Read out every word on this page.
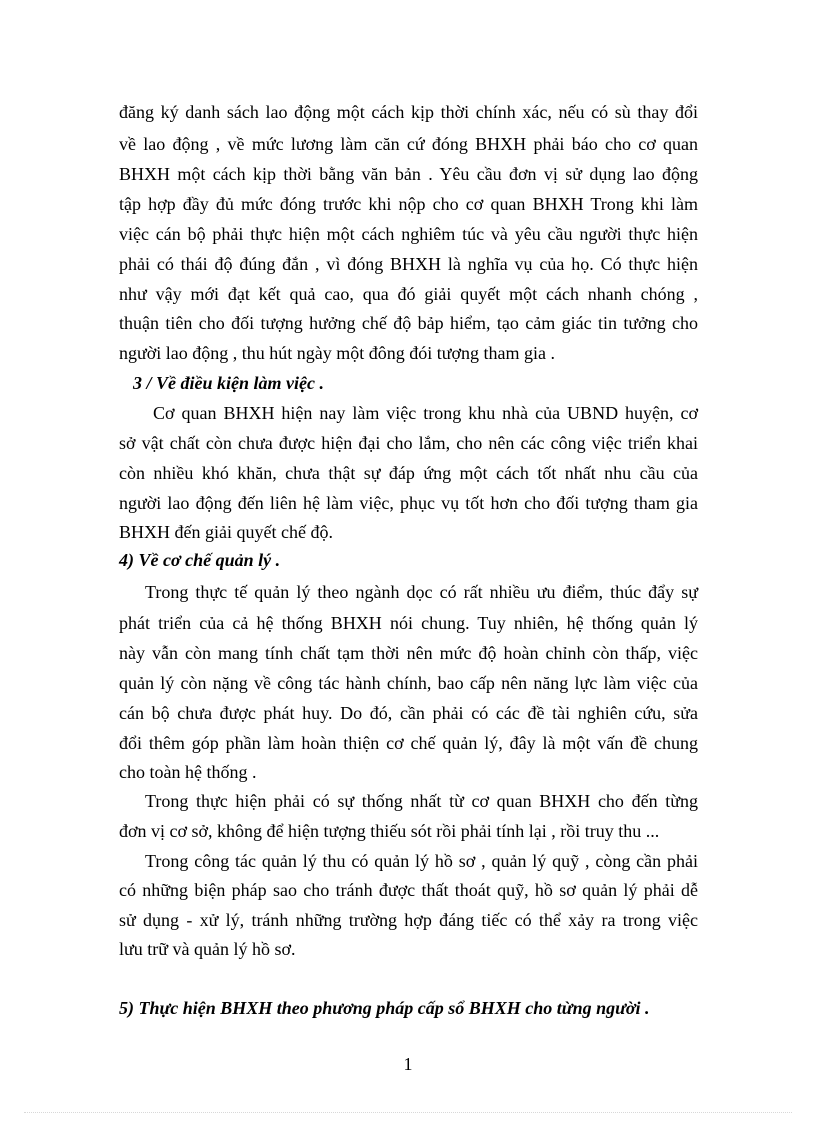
đăng ký danh sách lao động một cách kịp thời chính xác, nếu có sù thay đổi
về lao động , về mức lương làm căn cứ đóng BHXH phải báo cho cơ quan
BHXH một cách kịp thời bằng văn bản . Yêu cầu đơn vị sử dụng lao động
tập hợp đầy đủ mức đóng trước khi nộp cho cơ quan BHXH Trong khi làm
việc cán bộ phải thực hiện một cách nghiêm túc và yêu cầu người thực hiện
phải có thái độ đúng đắn , vì đóng BHXH là nghĩa vụ của họ. Có thực hiện
như vậy mới đạt kết quả cao, qua đó giải quyết một cách nhanh chóng ,
thuận tiên cho đối tượng hưởng chế độ bảp hiểm, tạo cảm giác tin tưởng cho
người lao động , thu hút ngày một đông đói tượng tham gia .
3 / Về điều kiện làm việc .
Cơ quan BHXH hiện nay làm việc trong khu nhà của UBND huyện, cơ
sở vật chất còn chưa được hiện đại cho lắm, cho nên các công việc triển khai
còn nhiều khó khăn, chưa thật sự đáp ứng một cách tốt nhất nhu cầu của
người lao động đến liên hệ làm việc, phục vụ tốt hơn cho đối tượng tham gia
BHXH đến giải quyết chế độ.
4) Về cơ chế quản lý .
Trong thực tế quản lý theo ngành dọc có rất nhiều ưu điểm, thúc đẩy sự
phát triển của cả hệ thống BHXH nói chung. Tuy nhiên, hệ thống quản lý
này vẫn còn mang tính chất tạm thời nên mức độ hoàn chỉnh còn thấp, việc
quản lý còn nặng về công tác hành chính, bao cấp nên năng lực làm việc của
cán bộ chưa được phát huy. Do đó, cần phải có các đề tài nghiên cứu, sửa
đổi thêm góp phần làm hoàn thiện cơ chế quản lý, đây là một vấn đề chung
cho toàn hệ thống .
Trong thực hiện phải có sự thống nhất từ cơ quan BHXH cho đến từng
đơn vị cơ sở, không để hiện tượng thiếu sót rồi phải tính lại , rồi truy thu ...
Trong công tác quản lý thu có quản lý hồ sơ , quản lý quỹ , còng cần phải
có những biện pháp sao cho tránh được thất thoát quỹ, hồ sơ quản lý phải dễ
sử dụng - xử lý, tránh những trường hợp đáng tiếc có thể xảy ra trong việc
lưu trữ và quản lý hồ sơ.
5) Thực hiện BHXH theo phương pháp cấp sổ BHXH cho từng người .
1
